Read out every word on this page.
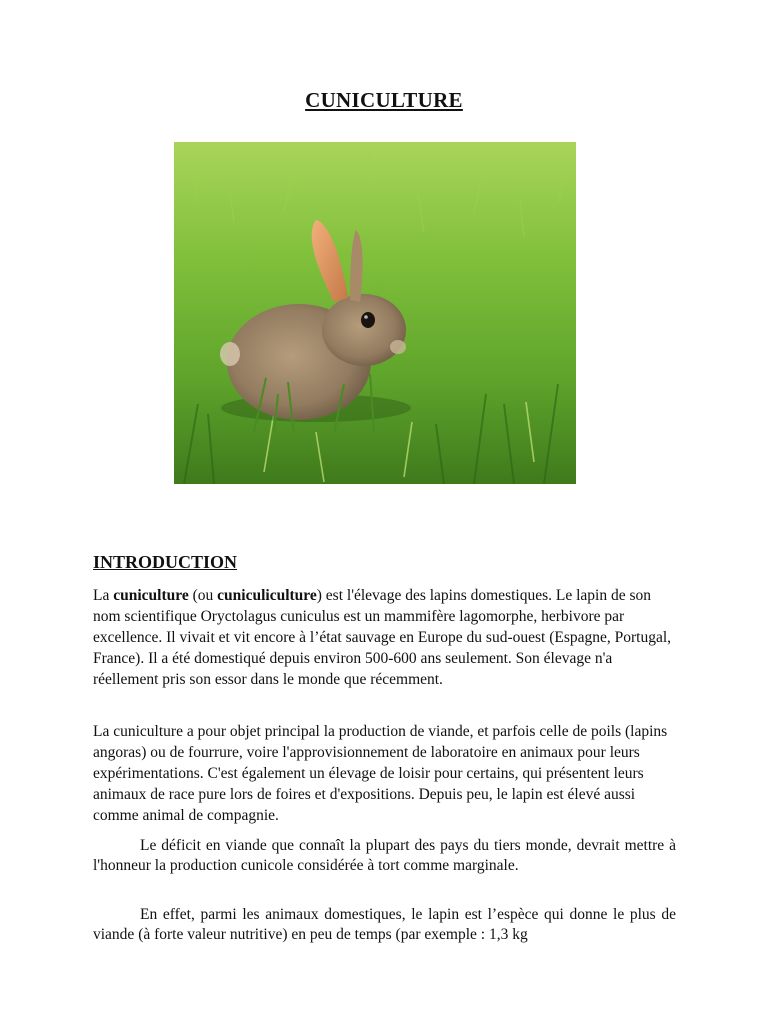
CUNICULTURE
INTRODUCTION

La cuniculture (ou cuniculiculture) est l'élevage des lapins domestiques. Le lapin de son nom scientifique Oryctolagus cuniculus est un mammifère lagomorphe, herbivore par excellence. Il vivait et vit encore à l’état sauvage en Europe du sud-ouest (Espagne, Portugal, France). Il a été domestiqué depuis environ 500-600 ans seulement. Son élevage n'a réellement pris son essor dans le monde que récemment.

La cuniculture a pour objet principal la production de viande, et parfois celle de poils (lapins angoras) ou de fourrure, voire l'approvisionnement de laboratoire en animaux pour leurs expérimentations. C'est également un élevage de loisir pour certains, qui présentent leurs animaux de race pure lors de foires et d'expositions. Depuis peu, le lapin est élevé aussi comme animal de compagnie.

Le déficit en viande que connaît la plupart des pays du tiers monde, devrait mettre à l'honneur la production cunicole considérée à tort comme marginale.

En effet, parmi les animaux domestiques, le lapin est l’espèce qui donne le plus de viande (à forte valeur nutritive) en peu de temps (par exemple : 1,3 kg
